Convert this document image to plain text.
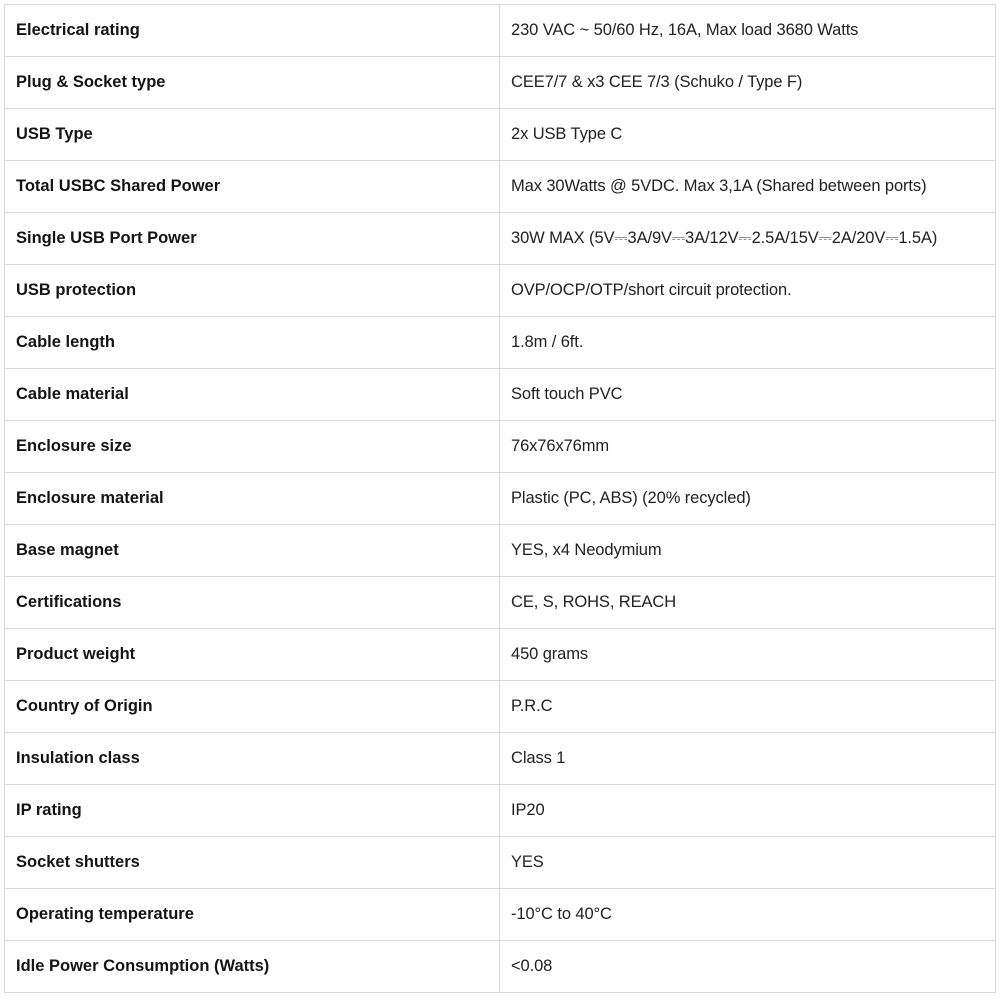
Electrical rating	230 VAC ~ 50/60 Hz, 16A, Max load 3680 Watts
Plug & Socket type	CEE7/7 & x3 CEE 7/3 (Schuko / Type F)
USB Type	2x USB Type C
Total USBC Shared Power	Max 30Watts @ 5VDC. Max 3,1A (Shared between ports)
Single USB Port Power	30W MAX (5V⎓3A/9V⎓3A/12V⎓2.5A/15V⎓2A/20V⎓1.5A)
USB protection	OVP/OCP/OTP/short circuit protection.
Cable length	1.8m / 6ft.
Cable material	Soft touch PVC
Enclosure size	76x76x76mm
Enclosure material	Plastic (PC, ABS) (20% recycled)
Base magnet	YES, x4 Neodymium
Certifications	CE, S, ROHS, REACH
Product weight	450 grams
Country of Origin	P.R.C
Insulation class	Class 1
IP rating	IP20
Socket shutters	YES
Operating temperature	-10°C to 40°C
Idle Power Consumption (Watts)	<0.08
